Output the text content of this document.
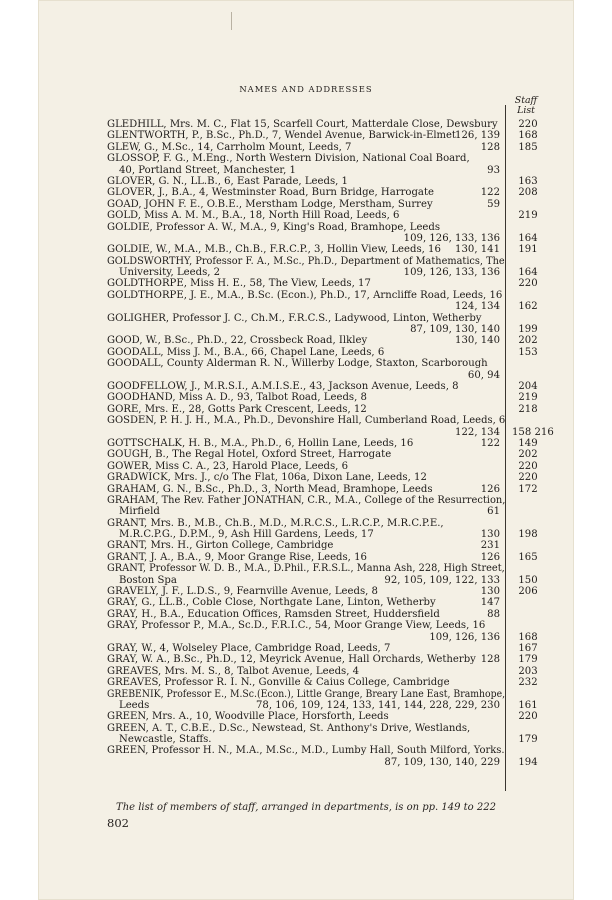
NAMES AND ADDRESSES
Staff List
GLEDHILL, Mrs. M. C., Flat 15, Scarfell Court, Matterdale Close, Dewsbury	220
GLENTWORTH, P., B.Sc., Ph.D., 7, Wendel Avenue, Barwick-in-Elmet 126, 139	168
GLEW, G., M.Sc., 14, Carrholm Mount, Leeds, 7	128	185
GLOSSOP, F. G., M.Eng., North Western Division, National Coal Board,
40, Portland Street, Manchester, 1	93
GLOVER, G. N., LL.B., 6, East Parade, Leeds, 1	163
GLOVER, J., B.A., 4, Westminster Road, Burn Bridge, Harrogate	122	208
GOAD, JOHN F. E., O.B.E., Merstham Lodge, Merstham, Surrey	59
GOLD, Miss A. M. M., B.A., 18, North Hill Road, Leeds, 6	219
GOLDIE, Professor A. W., M.A., 9, King's Road, Bramhope, Leeds
109, 126, 133, 136	164
GOLDIE, W., M.A., M.B., Ch.B., F.R.C.P., 3, Hollin View, Leeds, 16 130, 141	191
GOLDSWORTHY, Professor F. A., M.Sc., Ph.D., Department of Mathematics, The
University, Leeds, 2	109, 126, 133, 136	164
GOLDTHORPE, Miss H. E., 58, The View, Leeds, 17	220
GOLDTHORPE, J. E., M.A., B.Sc. (Econ.), Ph.D., 17, Arncliffe Road, Leeds, 16
124, 134	162
GOLIGHER, Professor J. C., Ch.M., F.R.C.S., Ladywood, Linton, Wetherby
87, 109, 130, 140	199
GOOD, W., B.Sc., Ph.D., 22, Crossbeck Road, Ilkley	130, 140	202
GOODALL, Miss J. M., B.A., 66, Chapel Lane, Leeds, 6	153
GOODALL, County Alderman R. N., Willerby Lodge, Staxton, Scarborough
60, 94
GOODFELLOW, J., M.R.S.I., A.M.I.S.E., 43, Jackson Avenue, Leeds, 8	204
GOODHAND, Miss A. D., 93, Talbot Road, Leeds, 8	219
GORE, Mrs. E., 28, Gotts Park Crescent, Leeds, 12	218
GOSDEN, P. H. J. H., M.A., Ph.D., Devonshire Hall, Cumberland Road, Leeds, 6
122, 134 158 216
GOTTSCHALK, H. B., M.A., Ph.D., 6, Hollin Lane, Leeds, 16	122	149
GOUGH, B., The Regal Hotel, Oxford Street, Harrogate	202
GOWER, Miss C. A., 23, Harold Place, Leeds, 6	220
GRADWICK, Mrs. J., c/o The Flat, 106a, Dixon Lane, Leeds, 12	220
GRAHAM, G. N., B.Sc., Ph.D., 3, North Mead, Bramhope, Leeds	126	172
GRAHAM, The Rev. Father JONATHAN, C.R., M.A., College of the Resurrection,
Mirfield	61
GRANT, Mrs. B., M.B., Ch.B., M.D., M.R.C.S., L.R.C.P., M.R.C.P.E.,
M.R.C.P.G., D.P.M., 9, Ash Hill Gardens, Leeds, 17	130	198
GRANT, Mrs. H., Girton College, Cambridge	231
GRANT, J. A., B.A., 9, Moor Grange Rise, Leeds, 16	126	165
GRANT, Professor W. D. B., M.A., D.Phil., F.R.S.L., Manna Ash, 228, High Street,
Boston Spa	92, 105, 109, 122, 133	150
GRAVELY, J. F., L.D.S., 9, Fearnville Avenue, Leeds, 8	130	206
GRAY, G., LL.B., Coble Close, Northgate Lane, Linton, Wetherby	147
GRAY, H., B.A., Education Offices, Ramsden Street, Huddersfield	88
GRAY, Professor P., M.A., Sc.D., F.R.I.C., 54, Moor Grange View, Leeds, 16
109, 126, 136	168
GRAY, W., 4, Wolseley Place, Cambridge Road, Leeds, 7	167
GRAY, W. A., B.Sc., Ph.D., 12, Meyrick Avenue, Hall Orchards, Wetherby 128	179
GREAVES, Mrs. M. S., 8, Talbot Avenue, Leeds, 4	203
GREAVES, Professor R. I. N., Gonville & Caius College, Cambridge	232
GREBENIK, Professor E., M.Sc.(Econ.), Little Grange, Breary Lane East, Bramhope,
Leeds	78, 106, 109, 124, 133, 141, 144, 228, 229, 230	161
GREEN, Mrs. A., 10, Woodville Place, Horsforth, Leeds	220
GREEN, A. T., C.B.E., D.Sc., Newstead, St. Anthony's Drive, Westlands,
Newcastle, Staffs.	179
GREEN, Professor H. N., M.A., M.Sc., M.D., Lumby Hall, South Milford, Yorks.
87, 109, 130, 140, 229	194
The list of members of staff, arranged in departments, is on pp. 149 to 222
802
